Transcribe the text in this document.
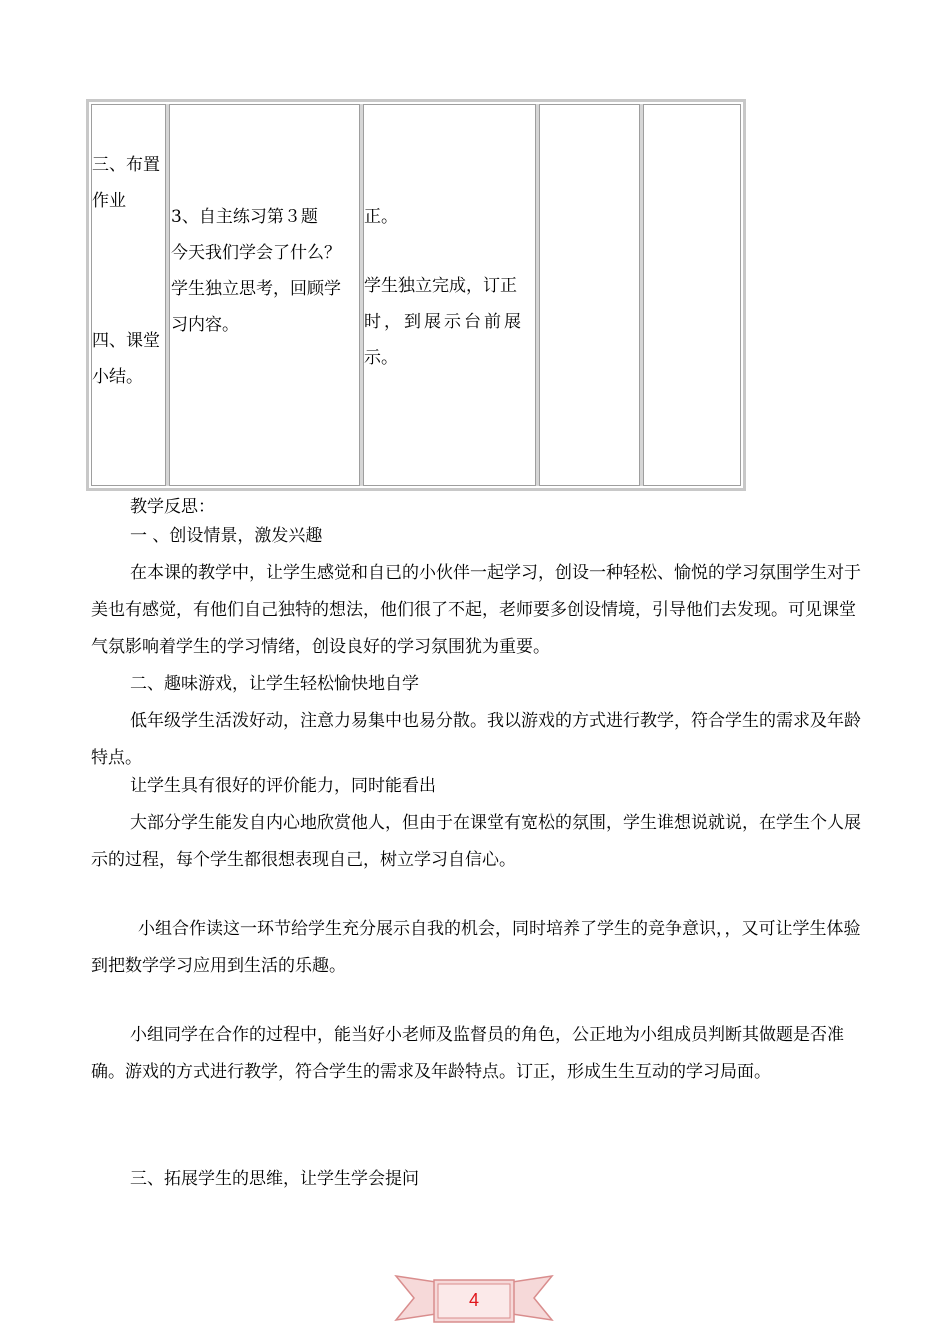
三、布置
作业
四、课堂
小结。
3、自主练习第３题
今天我们学会了什么？
学生独立思考，回顾学
习内容。
正。
学生独立完成，订正
时，到展示台前展
示。
教学反思：
一 、创设情景，激发兴趣
在本课的教学中，让学生感觉和自已的小伙伴一起学习，创设一种轻松、愉悦的学习氛围学生对于美也有感觉，有他们自己独特的想法，他们很了不起，老师要多创设情境，引导他们去发现。可见课堂气氛影响着学生的学习情绪，创设良好的学习氛围犹为重要。
二、趣味游戏，让学生轻松愉快地自学
低年级学生活泼好动，注意力易集中也易分散。我以游戏的方式进行教学，符合学生的需求及年龄特点。
让学生具有很好的评价能力，同时能看出
大部分学生能发自内心地欣赏他人，但由于在课堂有宽松的氛围，学生谁想说就说，在学生个人展示的过程，每个学生都很想表现自己，树立学习自信心。
小组合作读这一环节给学生充分展示自我的机会，同时培养了学生的竞争意识，，又可让学生体验到把数学学习应用到生活的乐趣。
小组同学在合作的过程中，能当好小老师及监督员的角色，公正地为小组成员判断其做题是否准确。游戏的方式进行教学，符合学生的需求及年龄特点。订正，形成生生互动的学习局面。
三、拓展学生的思维，让学生学会提问
4
